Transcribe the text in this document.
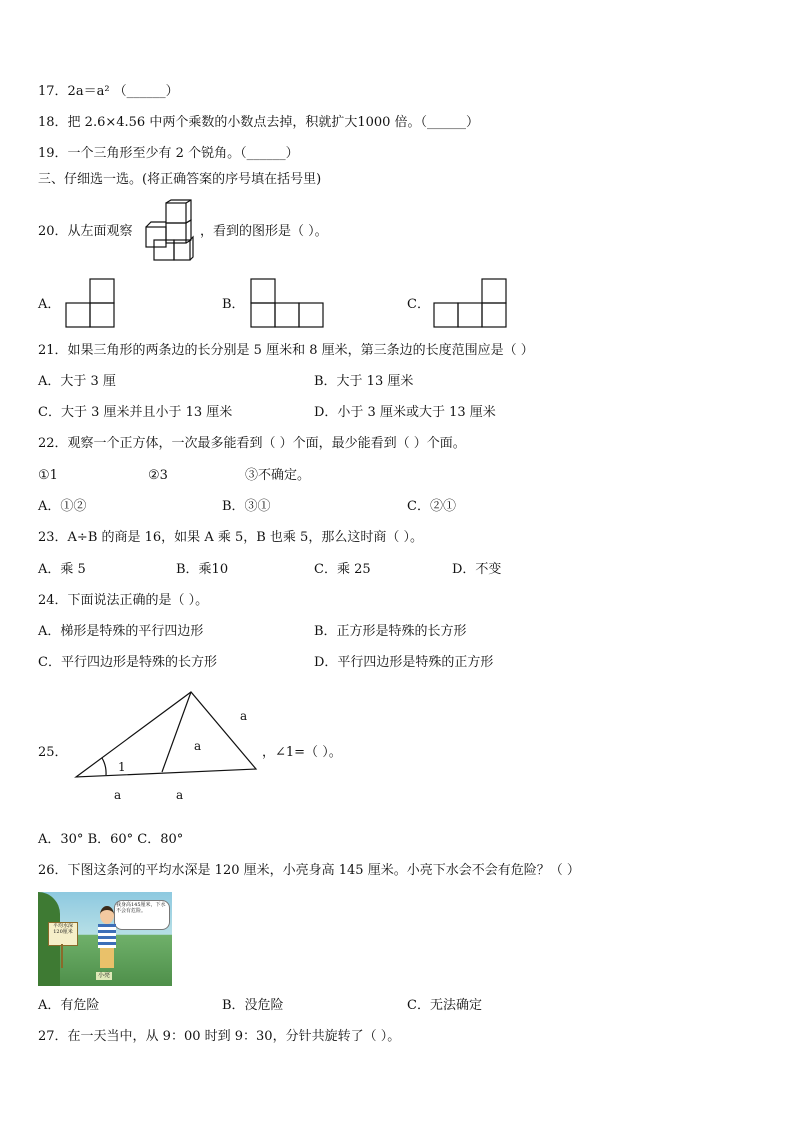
17．2a＝a² （______）
18．把 2.6×4.56 中两个乘数的小数点去掉，积就扩大1000 倍。（______）
19．一个三角形至少有 2 个锐角。（______）
三、仔细选一选。(将正确答案的序号填在括号里)
20．从左面观察	，看到的图形是（ ）。
A．	B．	C．
21．如果三角形的两条边的长分别是 5 厘米和 8 厘米，第三条边的长度范围应是（ ）
A．大于 3 厘	B．大于 13 厘米
C．大于 3 厘米并且小于 13 厘米	D．小于 3 厘米或大于 13 厘米
22．观察一个正方体，一次最多能看到（ ）个面，最少能看到（ ）个面。
①1	②3	③不确定。
A．①②	B．③①	C．②①
23．A÷B 的商是 16，如果 A 乘 5，B 也乘 5，那么这时商（ ）。
A．乘 5	B．乘10	C．乘 25	D．不变
24．下面说法正确的是（ ）。
A．梯形是特殊的平行四边形	B．正方形是特殊的长方形
C．平行四边形是特殊的长方形	D．平行四边形是特殊的正方形
25．
a
a
1
a	a
，∠1=（ ）。
A．30° B．60° C．80°
26．下图这条河的平均水深是 120 厘米，小亮身高 145 厘米。小亮下水会不会有危险？（ ）
平均水深120厘米
我身高145厘米，下水不会有危险。
小亮
A．有危险	B．没危险	C．无法确定
27．在一天当中，从 9：00 时到 9：30，分针共旋转了（ ）。
